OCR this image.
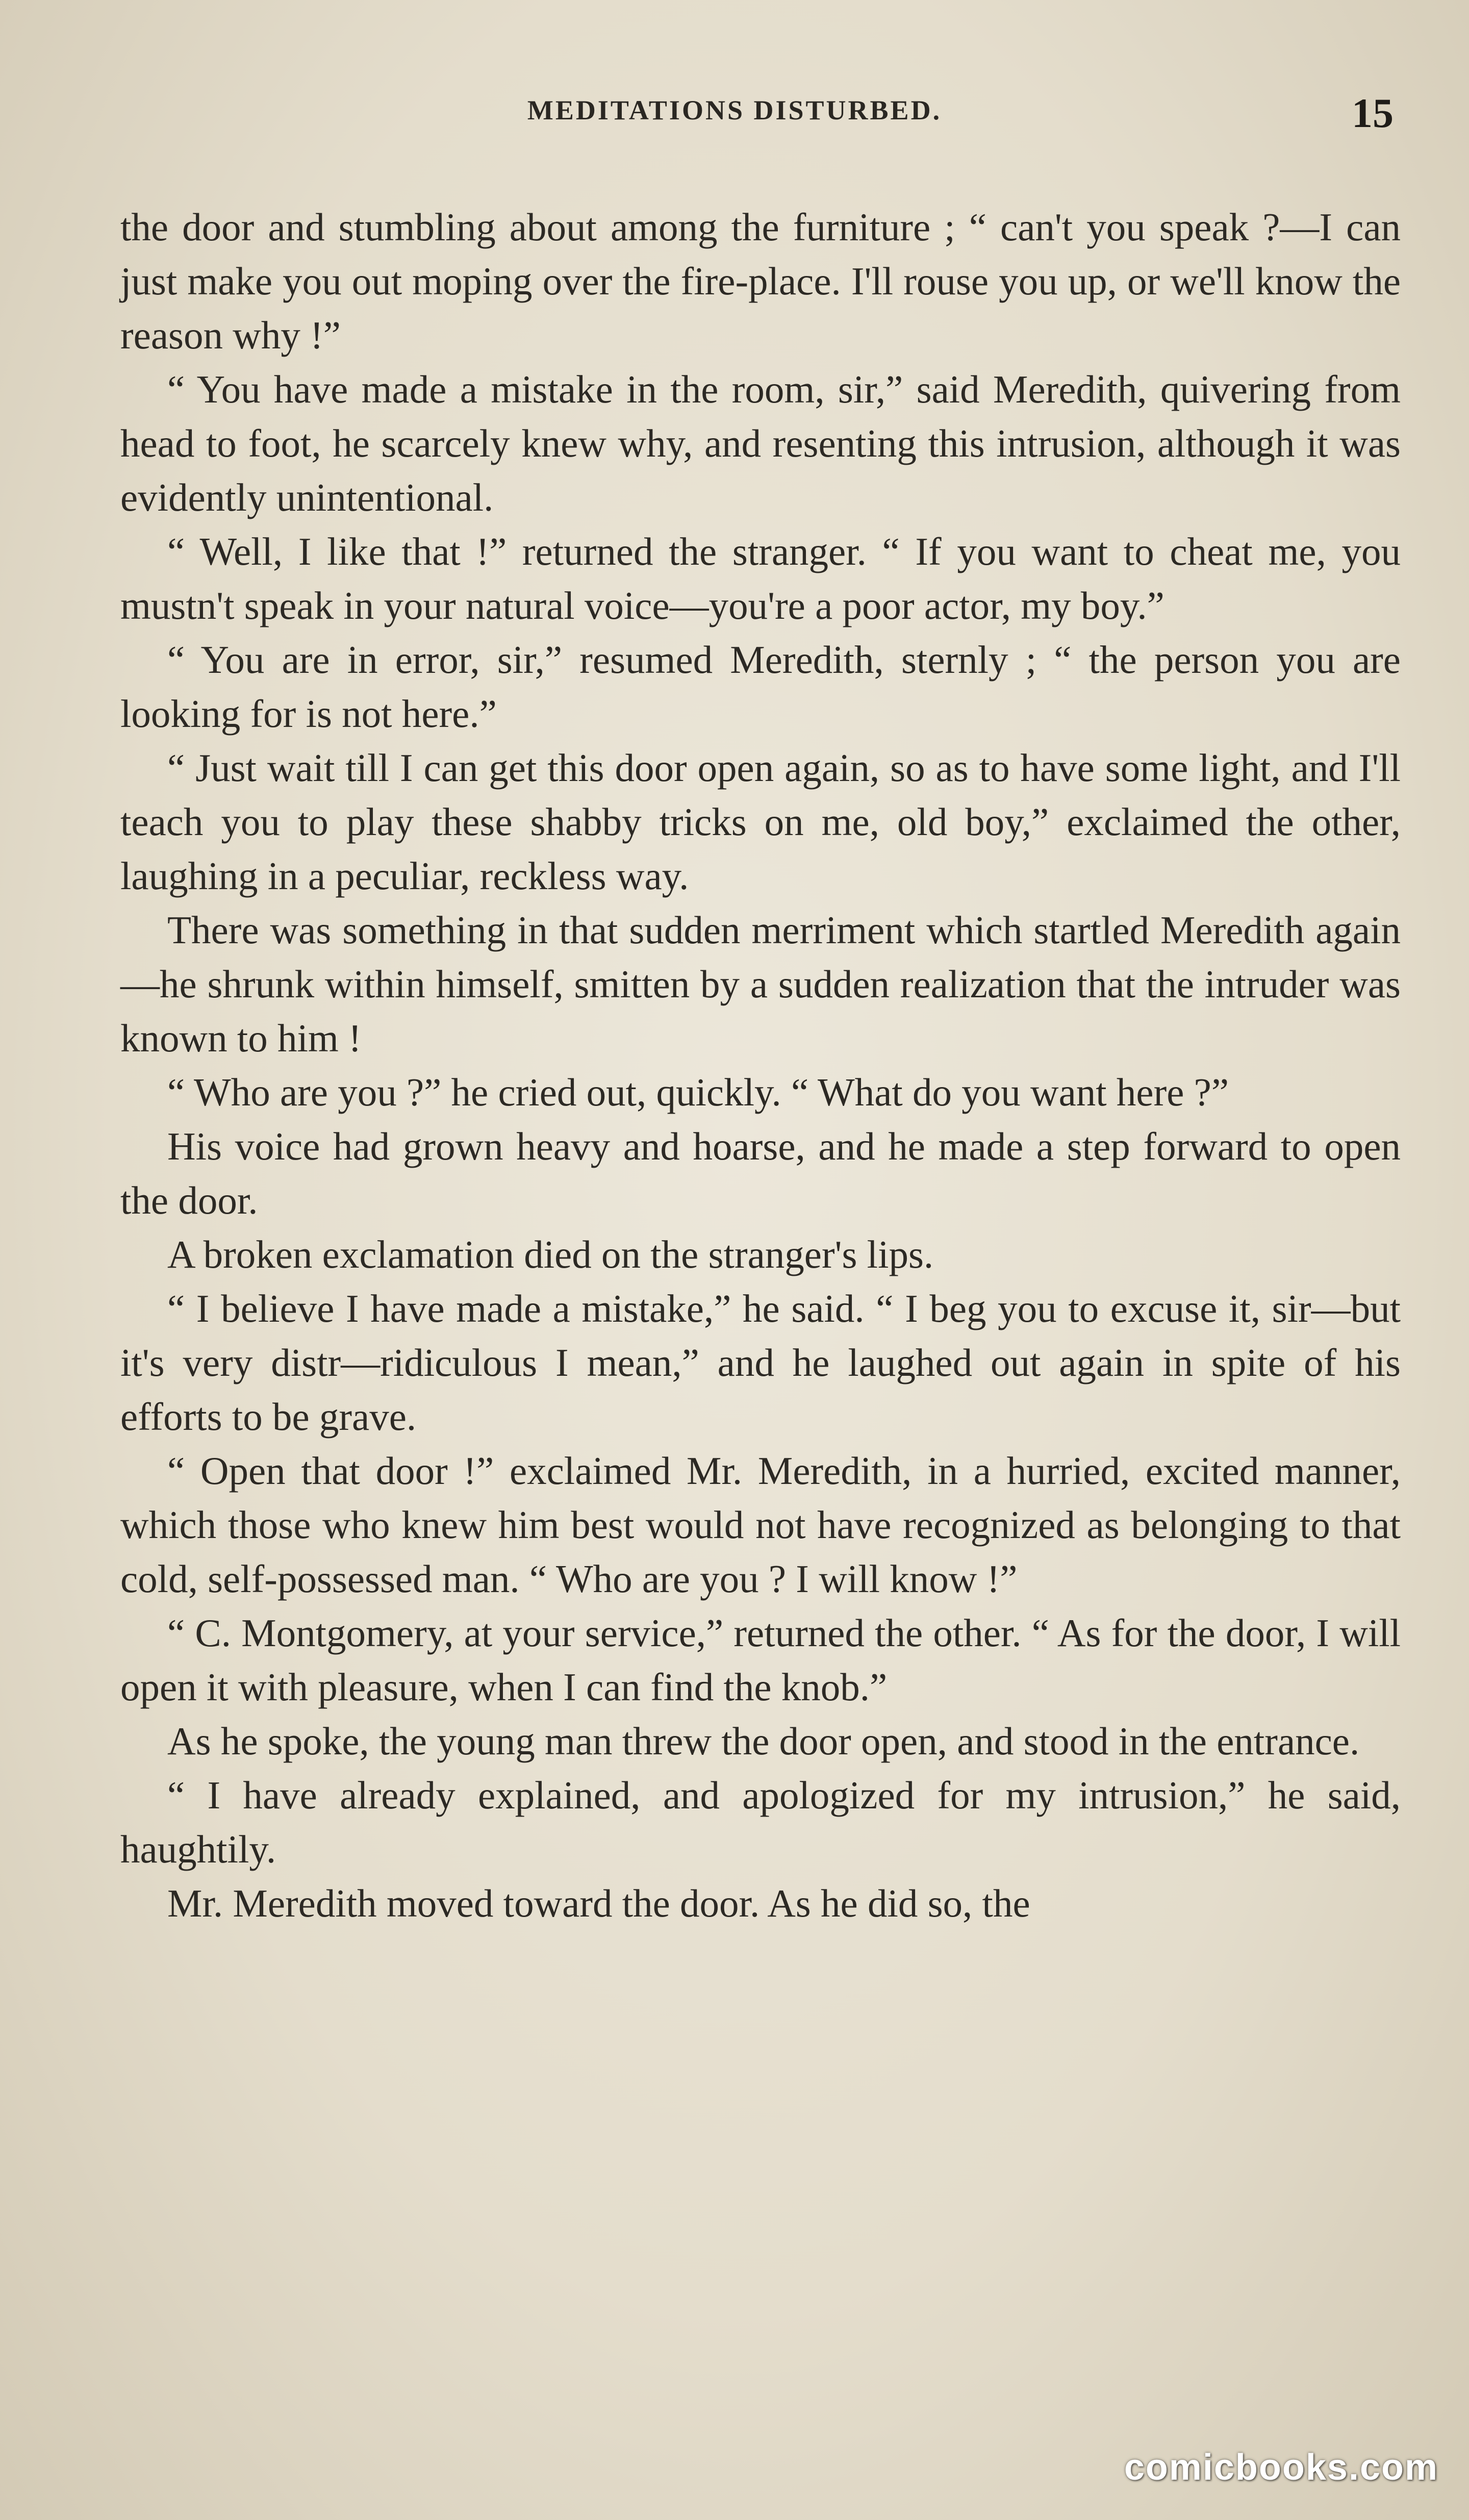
MEDITATIONS DISTURBED.	15

the door and stumbling about among the furniture ; “ can't you speak ?—I can just make you out moping over the fire-place. I'll rouse you up, or we'll know the reason why !”

“ You have made a mistake in the room, sir,” said Meredith, quivering from head to foot, he scarcely knew why, and resenting this intrusion, although it was evidently unintentional.

“ Well, I like that !” returned the stranger. “ If you want to cheat me, you mustn't speak in your natural voice—you're a poor actor, my boy.”

“ You are in error, sir,” resumed Meredith, sternly ; “ the person you are looking for is not here.”

“ Just wait till I can get this door open again, so as to have some light, and I'll teach you to play these shabby tricks on me, old boy,” exclaimed the other, laughing in a peculiar, reckless way.

There was something in that sudden merriment which startled Meredith again—he shrunk within himself, smitten by a sudden realization that the intruder was known to him !

“ Who are you ?” he cried out, quickly. “ What do you want here ?”

His voice had grown heavy and hoarse, and he made a step forward to open the door.

A broken exclamation died on the stranger's lips.

“ I believe I have made a mistake,” he said. “ I beg you to excuse it, sir—but it's very distr—ridiculous I mean,” and he laughed out again in spite of his efforts to be grave.

“ Open that door !” exclaimed Mr. Meredith, in a hurried, excited manner, which those who knew him best would not have recognized as belonging to that cold, self-possessed man. “ Who are you ? I will know !”

“ C. Montgomery, at your service,” returned the other. “ As for the door, I will open it with pleasure, when I can find the knob.”

As he spoke, the young man threw the door open, and stood in the entrance.

“ I have already explained, and apologized for my intrusion,” he said, haughtily.

Mr. Meredith moved toward the door. As he did so, the

comicbooks.com
